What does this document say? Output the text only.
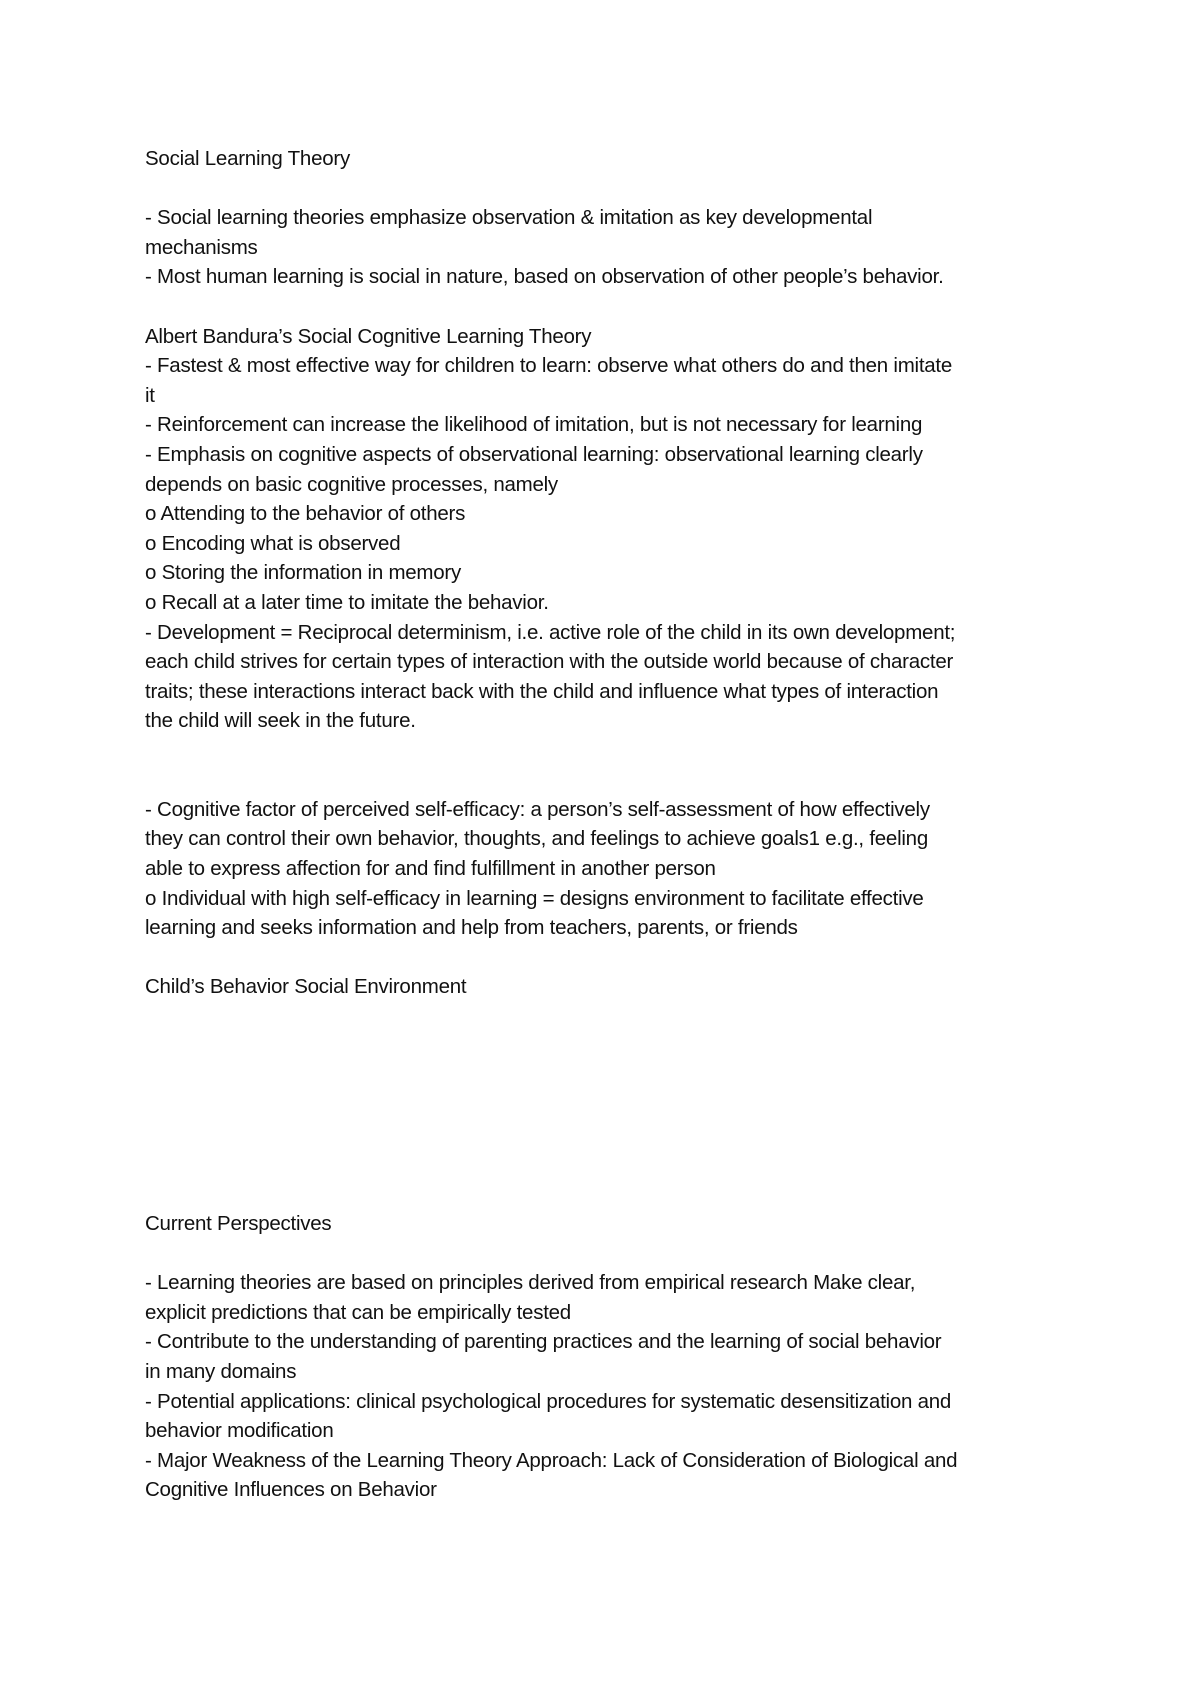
Social Learning Theory
- Social learning theories emphasize observation & imitation as key developmental
mechanisms
- Most human learning is social in nature, based on observation of other people’s behavior.
Albert Bandura’s Social Cognitive Learning Theory
- Fastest & most effective way for children to learn: observe what others do and then imitate
it
- Reinforcement can increase the likelihood of imitation, but is not necessary for learning
- Emphasis on cognitive aspects of observational learning: observational learning clearly
depends on basic cognitive processes, namely
o Attending to the behavior of others
o Encoding what is observed
o Storing the information in memory
o Recall at a later time to imitate the behavior.
- Development = Reciprocal determinism, i.e. active role of the child in its own development;
each child strives for certain types of interaction with the outside world because of character
traits; these interactions interact back with the child and influence what types of interaction
the child will seek in the future.
- Cognitive factor of perceived self-efficacy: a person’s self-assessment of how effectively
they can control their own behavior, thoughts, and feelings to achieve goals1 e.g., feeling
able to express affection for and find fulfillment in another person
o Individual with high self-efficacy in learning = designs environment to facilitate effective
learning and seeks information and help from teachers, parents, or friends
Child’s Behavior Social Environment
Current Perspectives
- Learning theories are based on principles derived from empirical research Make clear,
explicit predictions that can be empirically tested
- Contribute to the understanding of parenting practices and the learning of social behavior
in many domains
- Potential applications: clinical psychological procedures for systematic desensitization and
behavior modification
- Major Weakness of the Learning Theory Approach: Lack of Consideration of Biological and
Cognitive Influences on Behavior
